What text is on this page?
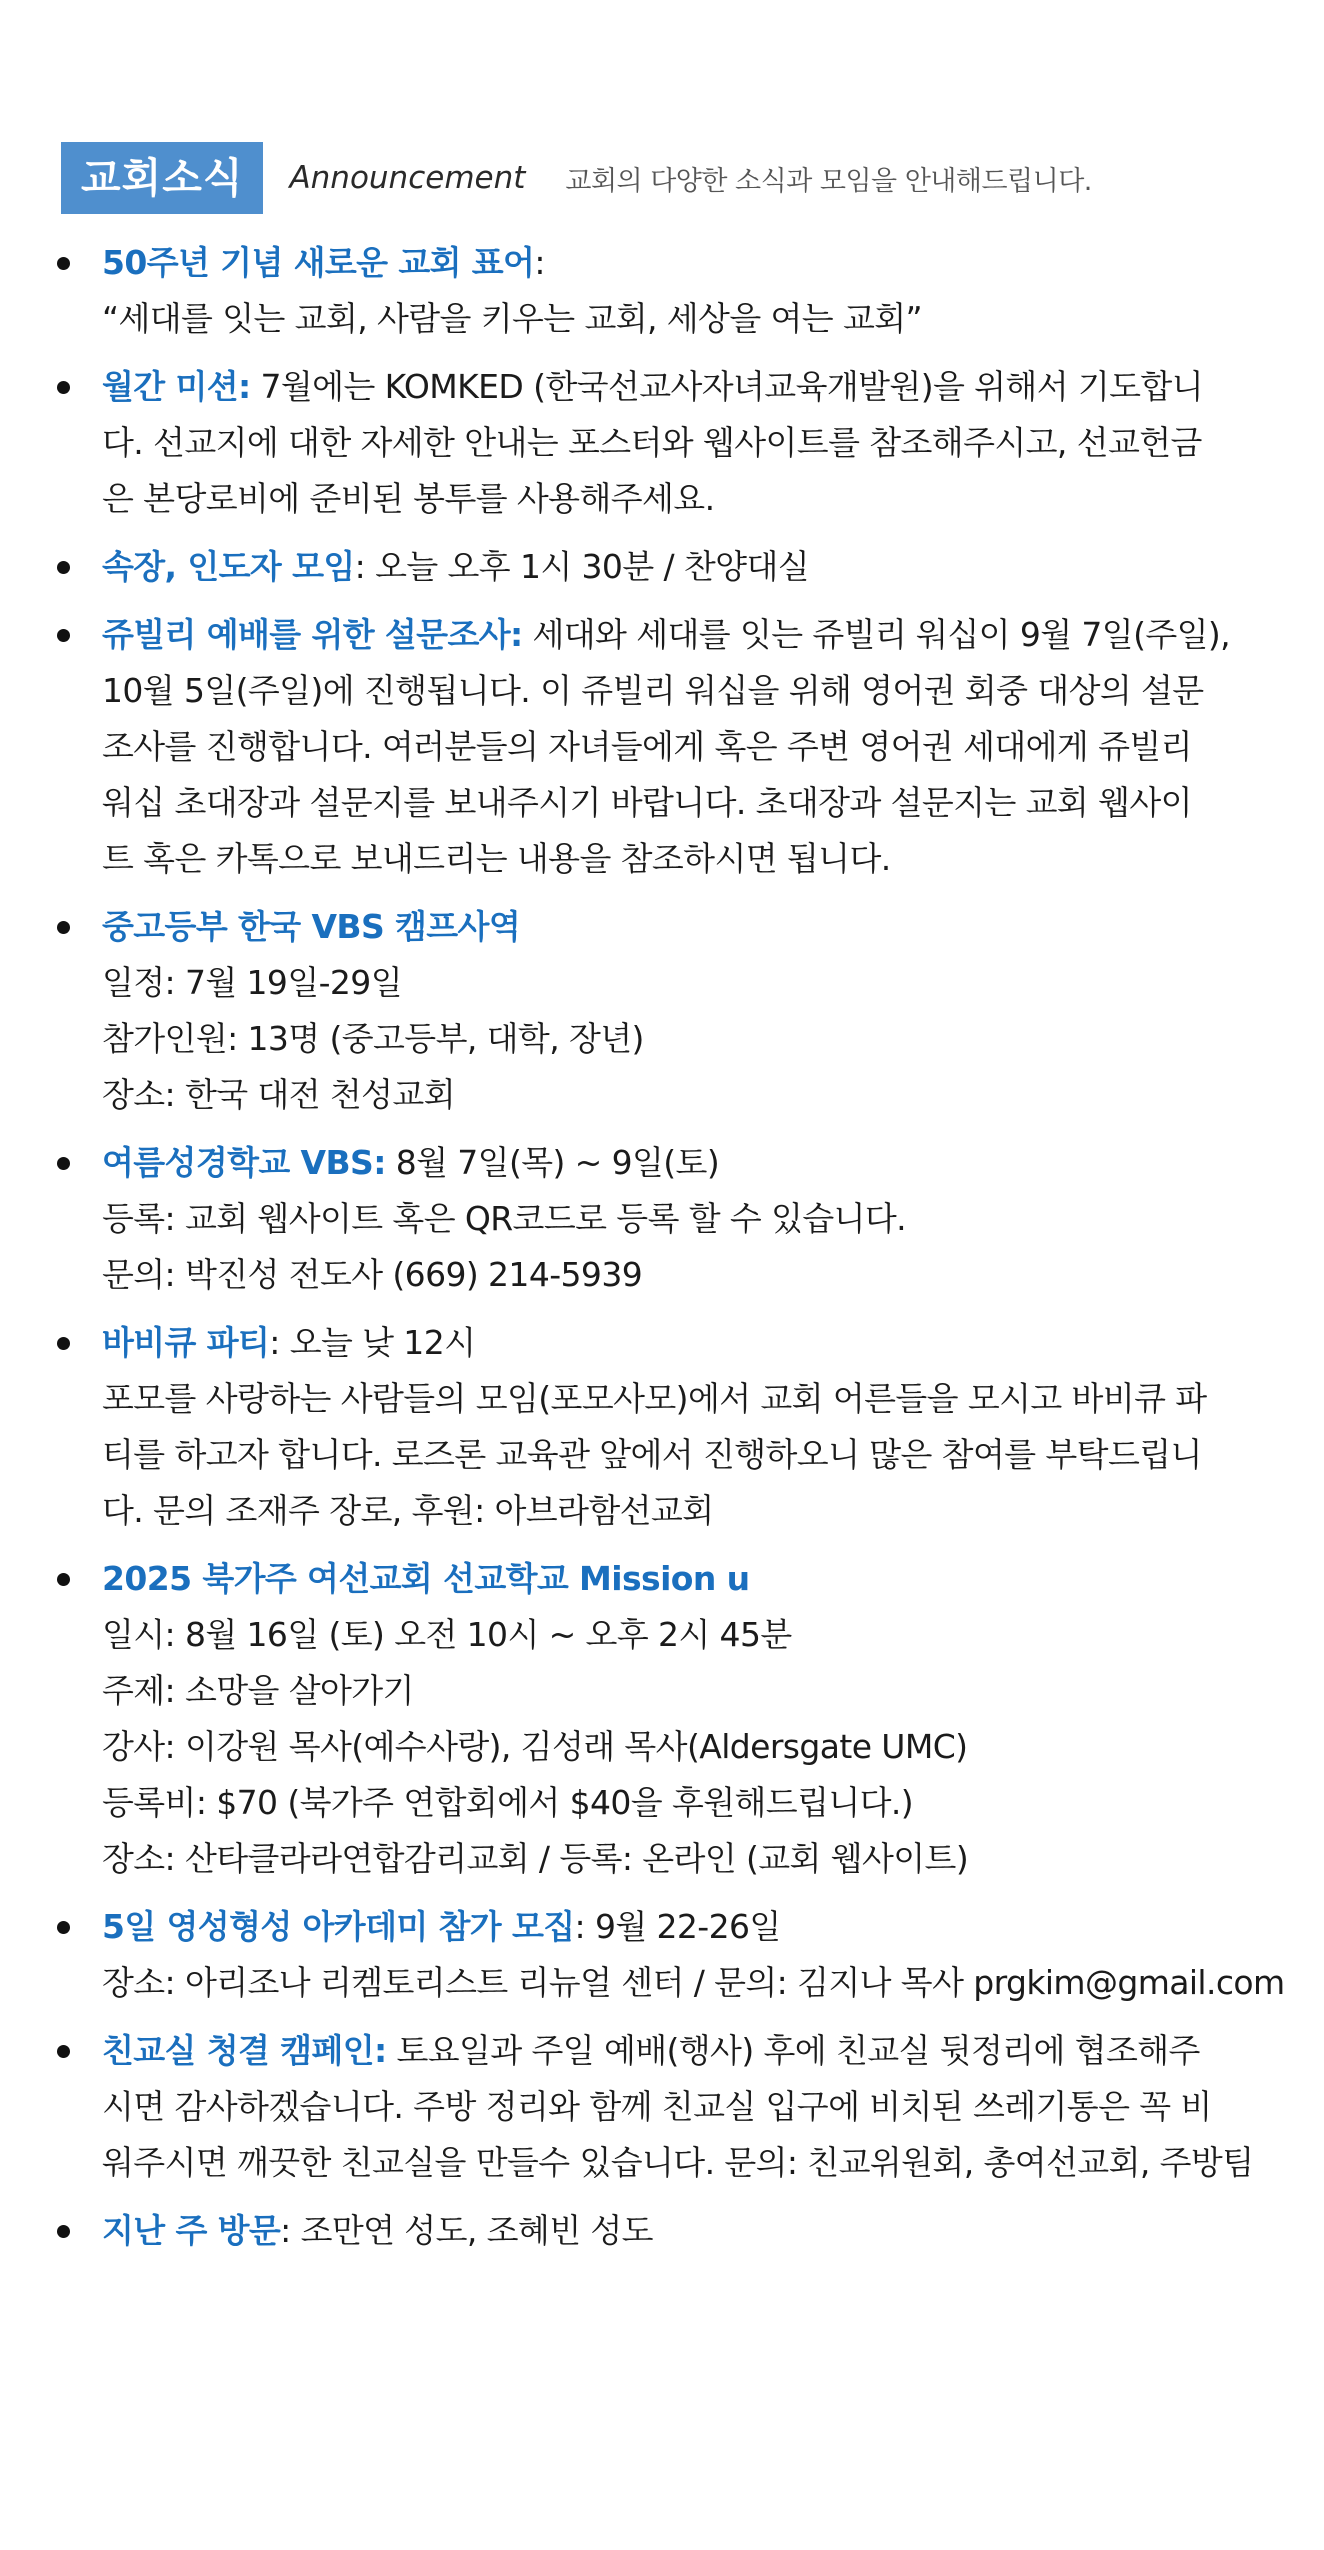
교회소식	Announcement 교회의 다양한 소식과 모임을 안내해드립니다.
50주년 기념 새로운 교회 표어:
“세대를 잇는 교회, 사람을 키우는 교회, 세상을 여는 교회”
월간 미션: 7월에는 KOMKED (한국선교사자녀교육개발원)을 위해서 기도합니
다. 선교지에 대한 자세한 안내는 포스터와 웹사이트를 참조해주시고, 선교헌금
은 본당로비에 준비된 봉투를 사용해주세요.
속장, 인도자 모임: 오늘 오후 1시 30분 / 찬양대실
쥬빌리 예배를 위한 설문조사: 세대와 세대를 잇는 쥬빌리 워십이 9월 7일(주일),
10월 5일(주일)에 진행됩니다. 이 쥬빌리 워십을 위해 영어권 회중 대상의 설문
조사를 진행합니다. 여러분들의 자녀들에게 혹은 주변 영어권 세대에게 쥬빌리
워십 초대장과 설문지를 보내주시기 바랍니다. 초대장과 설문지는 교회 웹사이
트 혹은 카톡으로 보내드리는 내용을 참조하시면 됩니다.
중고등부 한국 VBS 캠프사역
일정: 7월 19일-29일
참가인원: 13명 (중고등부, 대학, 장년)
장소: 한국 대전 천성교회
여름성경학교 VBS: 8월 7일(목) ~ 9일(토)
등록: 교회 웹사이트 혹은 QR코드로 등록 할 수 있습니다.
문의: 박진성 전도사 (669) 214-5939
바비큐 파티: 오늘 낮 12시
포모를 사랑하는 사람들의 모임(포모사모)에서 교회 어른들을 모시고 바비큐 파
티를 하고자 합니다. 로즈론 교육관 앞에서 진행하오니 많은 참여를 부탁드립니
다. 문의 조재주 장로, 후원: 아브라함선교회
2025 북가주 여선교회 선교학교 Mission u
일시: 8월 16일 (토) 오전 10시 ~ 오후 2시 45분
주제: 소망을 살아가기
강사: 이강원 목사(예수사랑), 김성래 목사(Aldersgate UMC)
등록비: $70 (북가주 연합회에서 $40을 후원해드립니다.)
장소: 산타클라라연합감리교회 / 등록: 온라인 (교회 웹사이트)
5일 영성형성 아카데미 참가 모집: 9월 22-26일
장소: 아리조나 리켐토리스트 리뉴얼 센터 / 문의: 김지나 목사 prgkim@gmail.com
친교실 청결 캠페인: 토요일과 주일 예배(행사) 후에 친교실 뒷정리에 협조해주
시면 감사하겠습니다. 주방 정리와 함께 친교실 입구에 비치된 쓰레기통은 꼭 비
워주시면 깨끗한 친교실을 만들수 있습니다. 문의: 친교위원회, 총여선교회, 주방팀
지난 주 방문: 조만연 성도, 조혜빈 성도
